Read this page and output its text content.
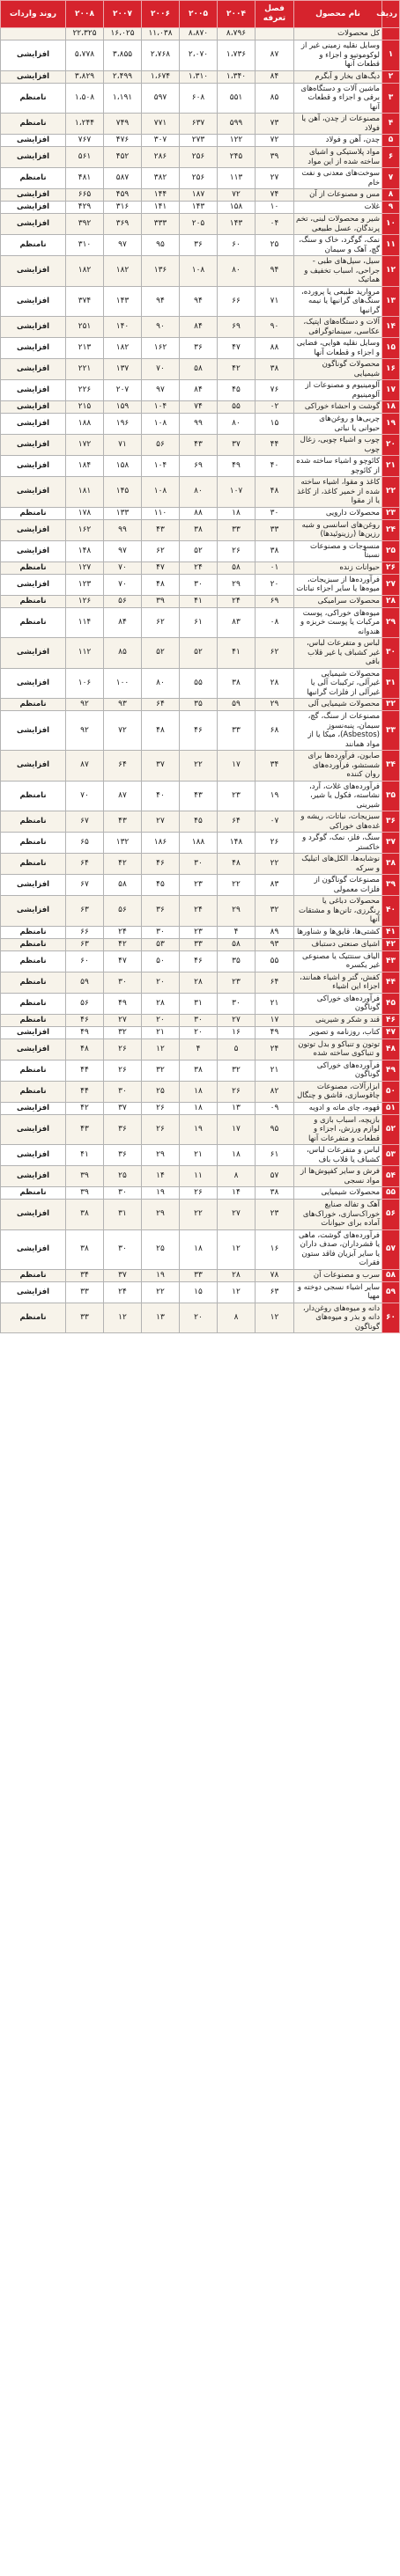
ردیف	نام محصول	فصل تعرفه	۲۰۰۴	۲۰۰۵	۲۰۰۶	۲۰۰۷	۲۰۰۸	روند واردات
	کل محصولات		۸،۷۹۶	۸،۸۷۰	۱۱،۰۳۸	۱۶،۰۲۵	۲۲،۳۲۵	
۱	وسایل نقلیه زمینی غیر از لوکوموتیو و اجزاء و قطعات آنها	۸۷	۱،۷۳۶	۲،۰۷۰	۲،۷۶۸	۳،۸۵۵	۵،۷۷۸	افزایشی
۲	دیگ‌های بخار و آبگرم	۸۴	۱،۳۴۰	۱،۳۱۰	۱،۶۷۴	۲،۴۹۹	۳،۸۲۹	افزایشی
۳	ماشین آلات و دستگاه‌های برقی و اجزاء و قطعات آنها	۸۵	۵۵۱	۶۰۸	۵۹۷	۱،۱۹۱	۱،۵۰۸	نامنظم
۴	مصنوعات از چدن، آهن یا فولاد	۷۳	۵۹۹	۶۳۷	۷۷۱	۷۴۹	۱،۲۴۴	نامنظم
۵	چدن، آهن و فولاد	۷۲	۱۲۲	۲۷۳	۳۰۷	۴۷۶	۷۶۷	افزایشی
۶	مواد پلاستیکی و اشیای ساخته شده از این مواد	۳۹	۲۴۵	۲۵۶	۲۸۶	۴۵۲	۵۶۱	افزایشی
۷	سوخت‌های معدنی و نفت خام	۲۷	۱۱۳	۲۵۶	۳۸۲	۵۸۷	۴۸۱	نامنظم
۸	مس و مصنوعات از آن	۷۴	۷۲	۱۸۷	۱۴۴	۴۵۹	۶۶۵	افزایشی
۹	غلات	۱۰	۱۵۸	۱۴۳	۱۴۱	۳۱۶	۴۲۹	افزایشی
۱۰	شیر و محصولات لبنی، تخم پرندگان، عسل طبیعی	۰۴	۱۴۳	۲۰۵	۳۳۳	۳۶۹	۳۹۲	افزایشی
۱۱	نمک، گوگرد، خاک و سنگ، گچ، آهک و سیمان	۲۵	۶۰	۳۶	۹۵	۹۷	۳۱۰	نامنظم
۱۲	سیل، سیل‌های طبی - جراحی، اسباب تخفیف و هماتیک	۹۴	۸۰	۱۰۸	۱۳۶	۱۸۲	۱۸۲	افزایشی
۱۳	مروارید طبیعی یا پرورده، سنگ‌های گرانبها یا نیمه گرانبها	۷۱	۶۶	۹۴	۹۴	۱۴۳	۳۷۴	افزایشی
۱۴	آلات و دستگاه‌های اپتیک، عکاسی، سینماتوگرافی	۹۰	۶۹	۸۴	۹۰	۱۴۰	۲۵۱	افزایشی
۱۵	وسایل نقلیه هوایی، فضایی و اجزاء و قطعات آنها	۸۸	۴۷	۳۶	۱۶۲	۱۸۲	۲۱۳	افزایشی
۱۶	محصولات گوناگون شیمیایی	۳۸	۴۲	۵۸	۷۰	۱۳۷	۲۲۱	افزایشی
۱۷	آلومینیوم و مصنوعات از آلومینیوم	۷۶	۴۵	۸۴	۹۷	۲۰۷	۲۲۶	افزایشی
۱۸	گوشت و احشاء خوراکی	۰۲	۵۵	۷۴	۱۰۴	۱۵۹	۲۱۵	افزایشی
۱۹	چربی‌ها و روغن‌های حیوانی یا نباتی	۱۵	۸۰	۹۹	۱۰۸	۱۹۶	۱۸۸	افزایشی
۲۰	چوب و اشیاء چوبی، زغال چوب	۴۴	۳۷	۴۳	۵۶	۷۱	۱۷۲	افزایشی
۲۱	کائوچو و اشیاء ساخته شده از کائوچو	۴۰	۴۹	۶۹	۱۰۴	۱۵۸	۱۸۴	افزایشی
۲۲	کاغذ و مقوا، اشیاء ساخته شده از خمیر کاغذ، از کاغذ یا از مقوا	۴۸	۱۰۷	۸۰	۱۰۸	۱۴۵	۱۸۱	افزایشی
۲۳	محصولات دارویی	۳۰	۱۸	۸۸	۱۱۰	۱۳۳	۱۷۸	نامنظم
۲۴	روغن‌های اسانسی و شبه رزین‌ها (رزینوئیدها)	۳۳	۳۳	۳۸	۴۳	۹۹	۱۶۲	افزایشی
۲۵	منسوجات و مصنوعات نسبتاً	۳۸	۲۶	۵۲	۶۲	۹۷	۱۴۸	افزایشی
۲۶	حیوانات زنده	۰۱	۵۸	۲۴	۴۷	۷۰	۱۲۷	نامنظم
۲۷	فرآورده‌ها از سبزیجات، میوه‌ها یا سایر اجزاء نباتات	۲۰	۲۹	۳۰	۴۸	۷۰	۱۲۳	افزایشی
۲۸	محصولات سرامیکی	۶۹	۲۴	۴۱	۳۹	۵۶	۱۲۶	نامنظم
۲۹	میوه‌های خوراکی، پوست مرکبات یا پوست خربزه و هندوانه	۰۸	۸۳	۶۱	۶۲	۸۴	۱۱۴	نامنظم
۳۰	لباس و متفرعات لباس، غیر کشباف یا غیر قلاب بافی	۶۲	۴۱	۵۲	۵۲	۸۵	۱۱۲	افزایشی
۳۱	محصولات شیمیایی غیرآلی، ترکیبات آلی یا غیرآلی از فلزات گرانبها	۲۸	۳۸	۵۵	۸۰	۱۰۰	۱۰۶	افزایشی
۳۲	محصولات شیمیایی آلی	۲۹	۵۹	۳۵	۶۴	۹۳	۹۲	نامنظم
۳۳	مصنوعات از سنگ، گچ، سیمان، پنبه‌نسوز (Asbestos)، میکا یا از مواد همانند	۶۸	۳۳	۴۶	۴۸	۷۲	۹۲	افزایشی
۳۴	صابون، فرآورده‌ها برای شستشو، فرآورده‌های روان کننده	۳۴	۱۷	۲۲	۳۷	۶۴	۸۷	افزایشی
۳۵	فرآورده‌های غلات، آرد، نشاسته، فکول یا شیر، شیرینی	۱۹	۲۳	۴۳	۴۰	۸۷	۷۰	نامنظم
۳۶	سبزیجات، نباتات، ریشه و غده‌های خوراکی	۰۷	۶۴	۴۵	۲۷	۴۳	۶۷	نامنظم
۳۷	سنگ، فلز، نمک، گوگرد و خاکستر	۲۶	۱۴۸	۱۸۸	۱۸۶	۱۳۲	۶۵	نامنظم
۳۸	نوشابه‌ها، الکل‌های اتیلیک و سرکه	۲۲	۴۸	۳۰	۴۶	۴۲	۶۴	نامنظم
۳۹	مصنوعات گوناگون از فلزات معمولی	۸۳	۲۲	۲۳	۴۵	۵۸	۶۷	افزایشی
۴۰	محصولات دباغی یا رنگرزی، تانن‌ها و مشتقات آنها	۳۲	۲۹	۲۴	۳۶	۵۶	۶۳	افزایشی
۴۱	کشتی‌ها، قایق‌ها و شناورها	۸۹	۴	۲۳	۳۰	۲۴	۶۶	نامنظم
۴۲	اشیای صنعتی دستباف	۹۳	۵۸	۳۳	۵۳	۴۲	۶۳	نامنظم
۴۳	الیاف سنتتیک یا مصنوعی غیر یکسره	۵۵	۳۵	۴۶	۵۰	۴۷	۶۰	نامنظم
۴۴	کفش، گتر و اشیاء همانند، اجزاء این اشیاء	۶۴	۲۳	۲۸	۲۰	۳۰	۵۹	نامنظم
۴۵	فرآورده‌های خوراکی گوناگون	۲۱	۳۰	۳۱	۲۸	۴۹	۵۶	نامنظم
۴۶	قند و شکر و شیرینی	۱۷	۲۷	۳۰	۲۰	۲۷	۴۶	نامنظم
۴۷	کتاب، روزنامه و تصویر	۴۹	۱۶	۲۰	۲۱	۳۲	۴۹	افزایشی
۴۸	توتون و تنباکو و بدل توتون و تنباکوی ساخته شده	۲۴	۵	۴	۱۲	۲۶	۴۸	افزایشی
۴۹	فرآورده‌های خوراکی گوناگون	۲۱	۳۲	۳۸	۳۲	۲۶	۴۴	نامنظم
۵۰	ابزارآلات، مصنوعات چاقوسازی، قاشق و چنگال	۸۲	۲۶	۱۸	۲۵	۳۰	۴۴	نامنظم
۵۱	قهوه، چای ماته و ادویه	۰۹	۱۳	۱۸	۲۶	۳۷	۴۲	افزایشی
۵۲	بازیچه، اسباب بازی و لوازم ورزش، اجزاء و قطعات و متفرعات آنها	۹۵	۱۷	۱۹	۲۶	۳۶	۴۳	افزایشی
۵۳	لباس و متفرعات لباس، کشباف یا قلاب باف	۶۱	۱۸	۲۱	۲۹	۳۶	۴۱	افزایشی
۵۴	فرش و سایر کفپوش‌ها از مواد نسجی	۵۷	۸	۱۱	۱۴	۲۵	۳۹	افزایشی
۵۵	محصولات شیمیایی	۳۸	۱۴	۲۶	۱۹	۳۰	۳۹	نامنظم
۵۶	آهک و تفاله صنایع خوراک‌سازی، خوراک‌های آماده برای حیوانات	۲۳	۲۷	۲۲	۲۹	۳۱	۳۸	افزایشی
۵۷	فرآورده‌های گوشت، ماهی یا قشرداران، صدف داران یا سایر آبزیان فاقد ستون فقرات	۱۶	۱۲	۱۸	۲۵	۳۰	۳۸	افزایشی
۵۸	سرب و مصنوعات آن	۷۸	۲۸	۳۳	۱۹	۳۷	۳۴	نامنظم
۵۹	سایر اشیاء نسجی دوخته و مهیا	۶۳	۱۲	۱۵	۲۲	۲۴	۳۳	افزایشی
۶۰	دانه و میوه‌های روغن‌دار، دانه و بذر و میوه‌های گوناگون	۱۲	۸	۲۰	۱۳	۱۲	۳۳	نامنظم
